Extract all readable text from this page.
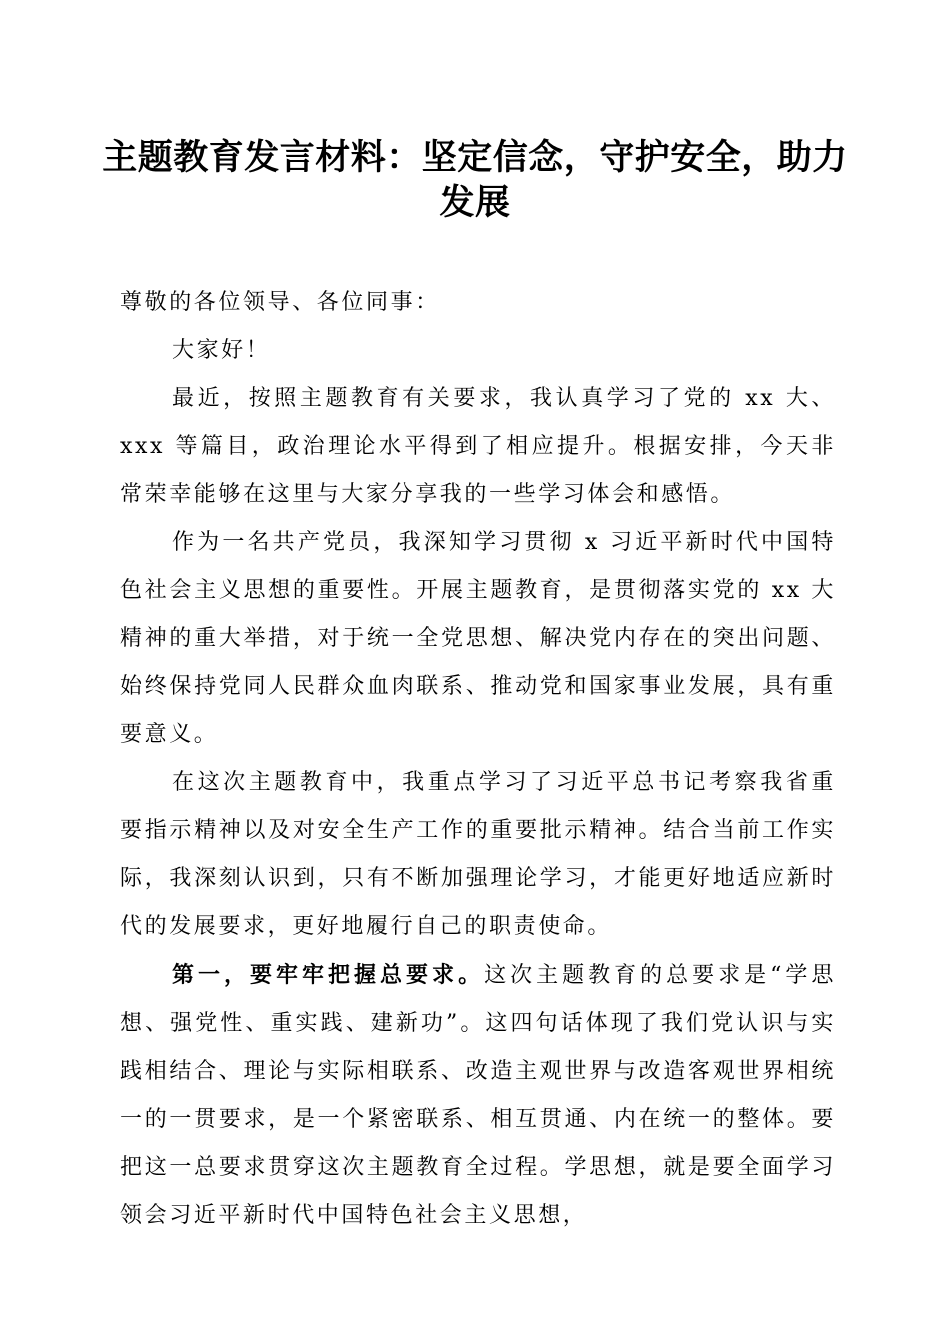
主题教育发言材料：坚定信念，守护安全，助力发展

尊敬的各位领导、各位同事：

大家好！

最近，按照主题教育有关要求，我认真学习了党的 xx 大、xxx 等篇目，政治理论水平得到了相应提升。根据安排，今天非常荣幸能够在这里与大家分享我的一些学习体会和感悟。

作为一名共产党员，我深知学习贯彻 x 习近平新时代中国特色社会主义思想的重要性。开展主题教育，是贯彻落实党的 xx 大精神的重大举措，对于统一全党思想、解决党内存在的突出问题、始终保持党同人民群众血肉联系、推动党和国家事业发展，具有重要意义。

在这次主题教育中，我重点学习了习近平总书记考察我省重要指示精神以及对安全生产工作的重要批示精神。结合当前工作实际，我深刻认识到，只有不断加强理论学习，才能更好地适应新时代的发展要求，更好地履行自己的职责使命。

第一，要牢牢把握总要求。这次主题教育的总要求是“学思想、强党性、重实践、建新功”。这四句话体现了我们党认识与实践相结合、理论与实际相联系、改造主观世界与改造客观世界相统一的一贯要求，是一个紧密联系、相互贯通、内在统一的整体。要把这一总要求贯穿这次主题教育全过程。学思想，就是要全面学习领会习近平新时代中国特色社会主义思想，
